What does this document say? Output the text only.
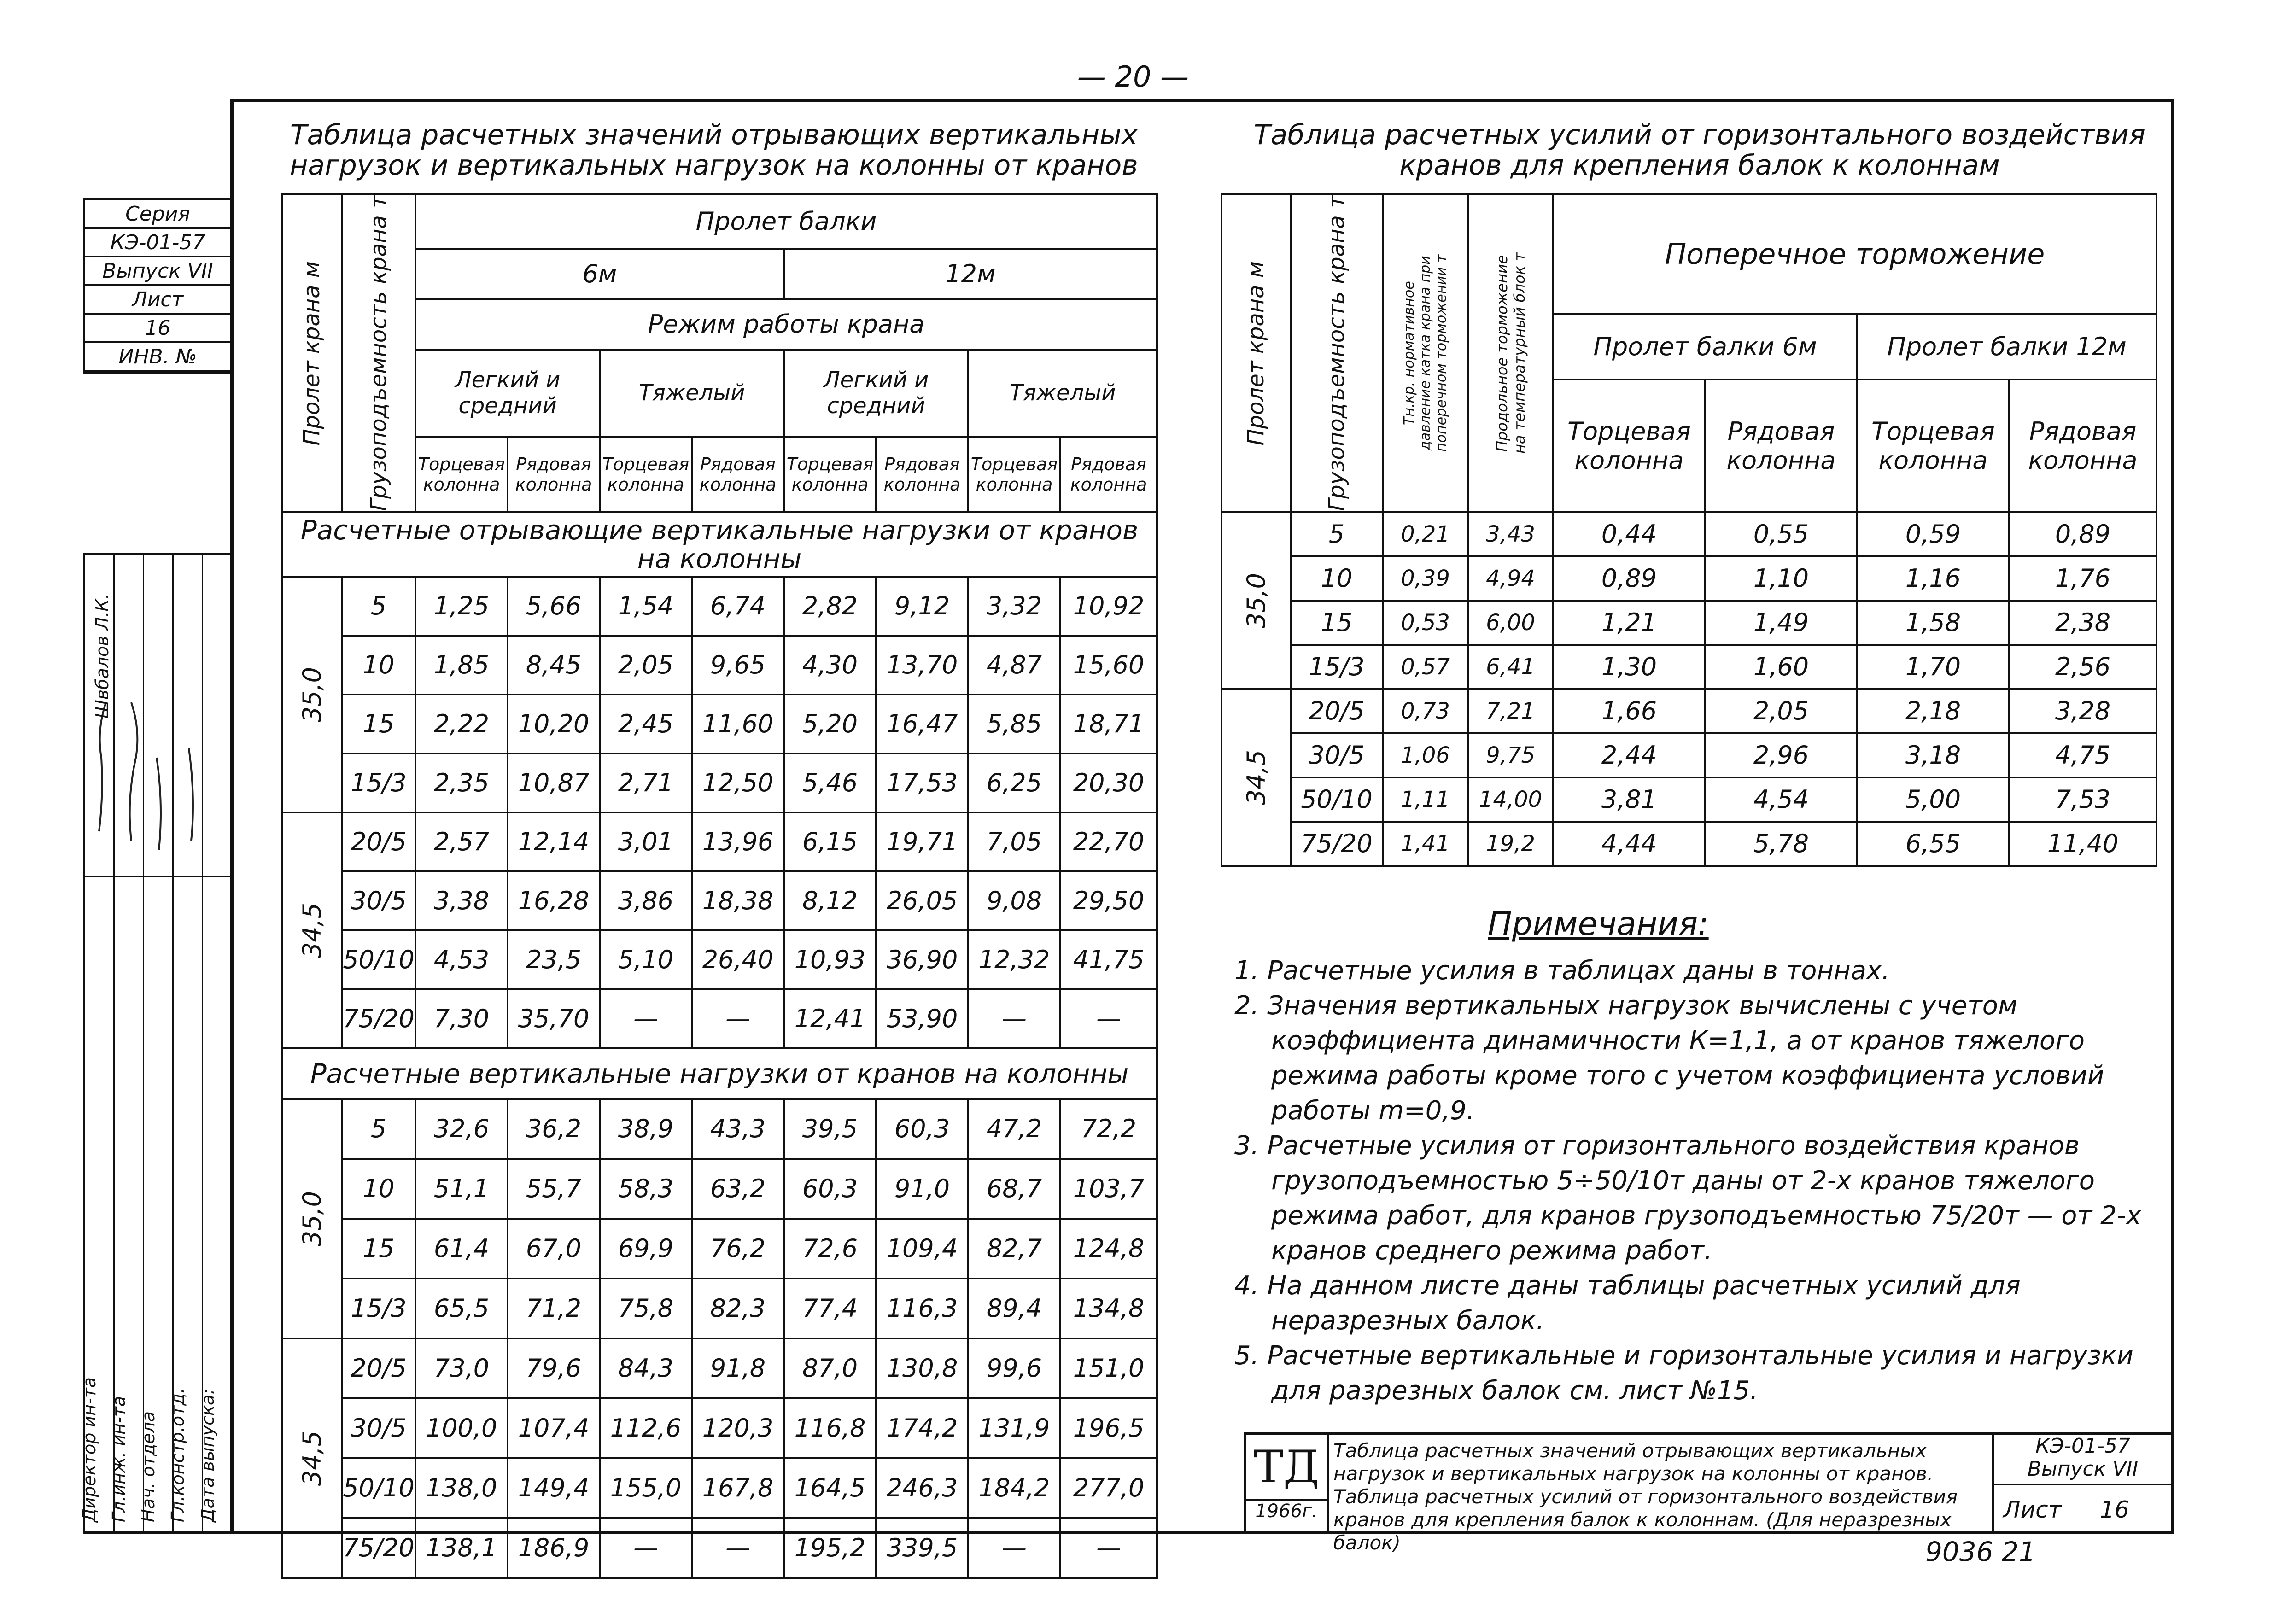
— 20 —
Серия
КЭ-01-57
Выпуск VII
Лист
16
ИНВ. №
Директор ин-та Гл.инж. ин-та Нач. отдела Гл.констр.отд. Дата выпуска:
Швбалов Л.К.
Таблица расчетных значений отрывающих вертикальных нагрузок и вертикальных нагрузок на колонны от кранов
Пролет крана м	Грузоподъемность крана т	Пролет балки							
		6м				12м			
		Режим работы крана							
		Легкий и средний		Тяжелый		Легкий и средний		Тяжелый	
		Торцевая колонна	Рядовая колонна	Торцевая колонна	Рядовая колонна	Торцевая колонна	Рядовая колонна	Торцевая колонна	Рядовая колонна
Расчетные отрывающие вертикальные нагрузки от кранов на колонны									

35,0	5	1,25	5,66	1,54	6,74	2,82	9,12	3,32	10,92
	10	1,85	8,45	2,05	9,65	4,30	13,70	4,87	15,60
	15	2,22	10,20	2,45	11,60	5,20	16,47	5,85	18,71
	15/3	2,35	10,87	2,71	12,50	5,46	17,53	6,25	20,30

34,5	20/5	2,57	12,14	3,01	13,96	6,15	19,71	7,05	22,70
	30/5	3,38	16,28	3,86	18,38	8,12	26,05	9,08	29,50
	50/10	4,53	23,5	5,10	26,40	10,93	36,90	12,32	41,75
	75/20	7,30	35,70	—	—	12,41	53,90	—	—
Расчетные вертикальные нагрузки от кранов на колонны									

35,0	5	32,6	36,2	38,9	43,3	39,5	60,3	47,2	72,2
	10	51,1	55,7	58,3	63,2	60,3	91,0	68,7	103,7
	15	61,4	67,0	69,9	76,2	72,6	109,4	82,7	124,8
	15/3	65,5	71,2	75,8	82,3	77,4	116,3	89,4	134,8

34,5	20/5	73,0	79,6	84,3	91,8	87,0	130,8	99,6	151,0
	30/5	100,0	107,4	112,6	120,3	116,8	174,2	131,9	196,5
	50/10	138,0	149,4	155,0	167,8	164,5	246,3	184,2	277,0
	75/20	138,1	186,9	—	—	195,2	339,5	—	—
Таблица расчетных усилий от горизонтального воздействия кранов для крепления балок к колоннам
Пролет крана м	Грузоподъемность крана т	Тн.кр. нормативное давление катка крана при поперечном торможении т	Продольное торможение на температурный блок т	Поперечное торможение			
				Пролет балки 6м		Пролет балки 12м	
				Торцевая колонна	Рядовая колонна	Торцевая колонна	Рядовая колонна

35,0	5	0,21	3,43	0,44	0,55	0,59	0,89
	10	0,39	4,94	0,89	1,10	1,16	1,76
	15	0,53	6,00	1,21	1,49	1,58	2,38
	15/3	0,57	6,41	1,30	1,60	1,70	2,56

34,5	20/5	0,73	7,21	1,66	2,05	2,18	3,28
	30/5	1,06	9,75	2,44	2,96	3,18	4,75
	50/10	1,11	14,00	3,81	4,54	5,00	7,53
	75/20	1,41	19,2	4,44	5,78	6,55	11,40
Примечания:
1. Расчетные усилия в таблицах даны в тоннах.
2. Значения вертикальных нагрузок вычислены с учетом коэффициента динамичности К=1,1, а от кранов тяжелого режима работы кроме того с учетом коэффициента условий работы m=0,9.
3. Расчетные усилия от горизонтального воздействия кранов грузоподъемностью 5÷50/10т даны от 2-х кранов тяжелого режима работ, для кранов грузоподъемностью 75/20т — от 2-х кранов среднего режима работ.
4. На данном листе даны таблицы расчетных усилий для неразрезных балок.
5. Расчетные вертикальные и горизонтальные усилия и нагрузки для разрезных балок см. лист №15.
ТД
1966г.
Таблица расчетных значений отрывающих вертикальных нагрузок и вертикальных нагрузок на колонны от кранов. Таблица расчетных усилий от горизонтального воздействия кранов для крепления балок к колоннам. (Для неразрезных балок)
КЭ-01-57
Выпуск VII
Лист 16
9036 21
